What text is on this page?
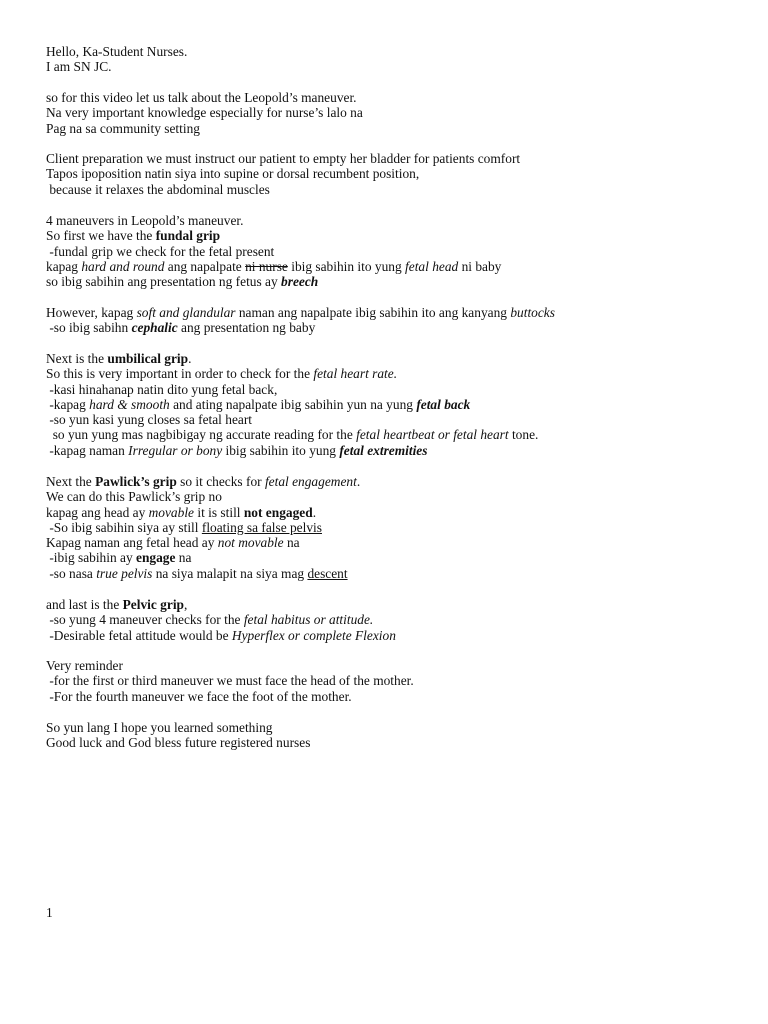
Hello, Ka-Student Nurses.
I am SN JC.
so for this video let us talk about the Leopold’s maneuver.
Na very important knowledge especially for nurse’s lalo na
Pag na sa community setting
Client preparation we must instruct our patient to empty her bladder for patients comfort
Tapos ipoposition natin siya into supine or dorsal recumbent position,
because it relaxes the abdominal muscles
4 maneuvers in Leopold’s maneuver.
So first we have the fundal grip
-fundal grip we check for the fetal present
kapag hard and round ang napalpate ni nurse ibig sabihin ito yung fetal head ni baby
so ibig sabihin ang presentation ng fetus ay breech
However, kapag soft and glandular naman ang napalpate ibig sabihin ito ang kanyang buttocks
-so ibig sabihn cephalic ang presentation ng baby
Next is the umbilical grip.
So this is very important in order to check for the fetal heart rate.
-kasi hinahanap natin dito yung fetal back,
-kapag hard & smooth and ating napalpate ibig sabihin yun na yung fetal back
-so yun kasi yung closes sa fetal heart
so yun yung mas nagbibigay ng accurate reading for the fetal heartbeat or fetal heart tone.
-kapag naman Irregular or bony ibig sabihin ito yung fetal extremities
Next the Pawlick’s grip so it checks for fetal engagement.
We can do this Pawlick’s grip no
kapag ang head ay movable it is still not engaged.
-So ibig sabihin siya ay still floating sa false pelvis
Kapag naman ang fetal head ay not movable na
-ibig sabihin ay engage na
-so nasa true pelvis na siya malapit na siya mag descent
and last is the Pelvic grip,
-so yung 4 maneuver checks for the fetal habitus or attitude.
-Desirable fetal attitude would be Hyperflex or complete Flexion
Very reminder
-for the first or third maneuver we must face the head of the mother.
-For the fourth maneuver we face the foot of the mother.
So yun lang I hope you learned something
Good luck and God bless future registered nurses
1
